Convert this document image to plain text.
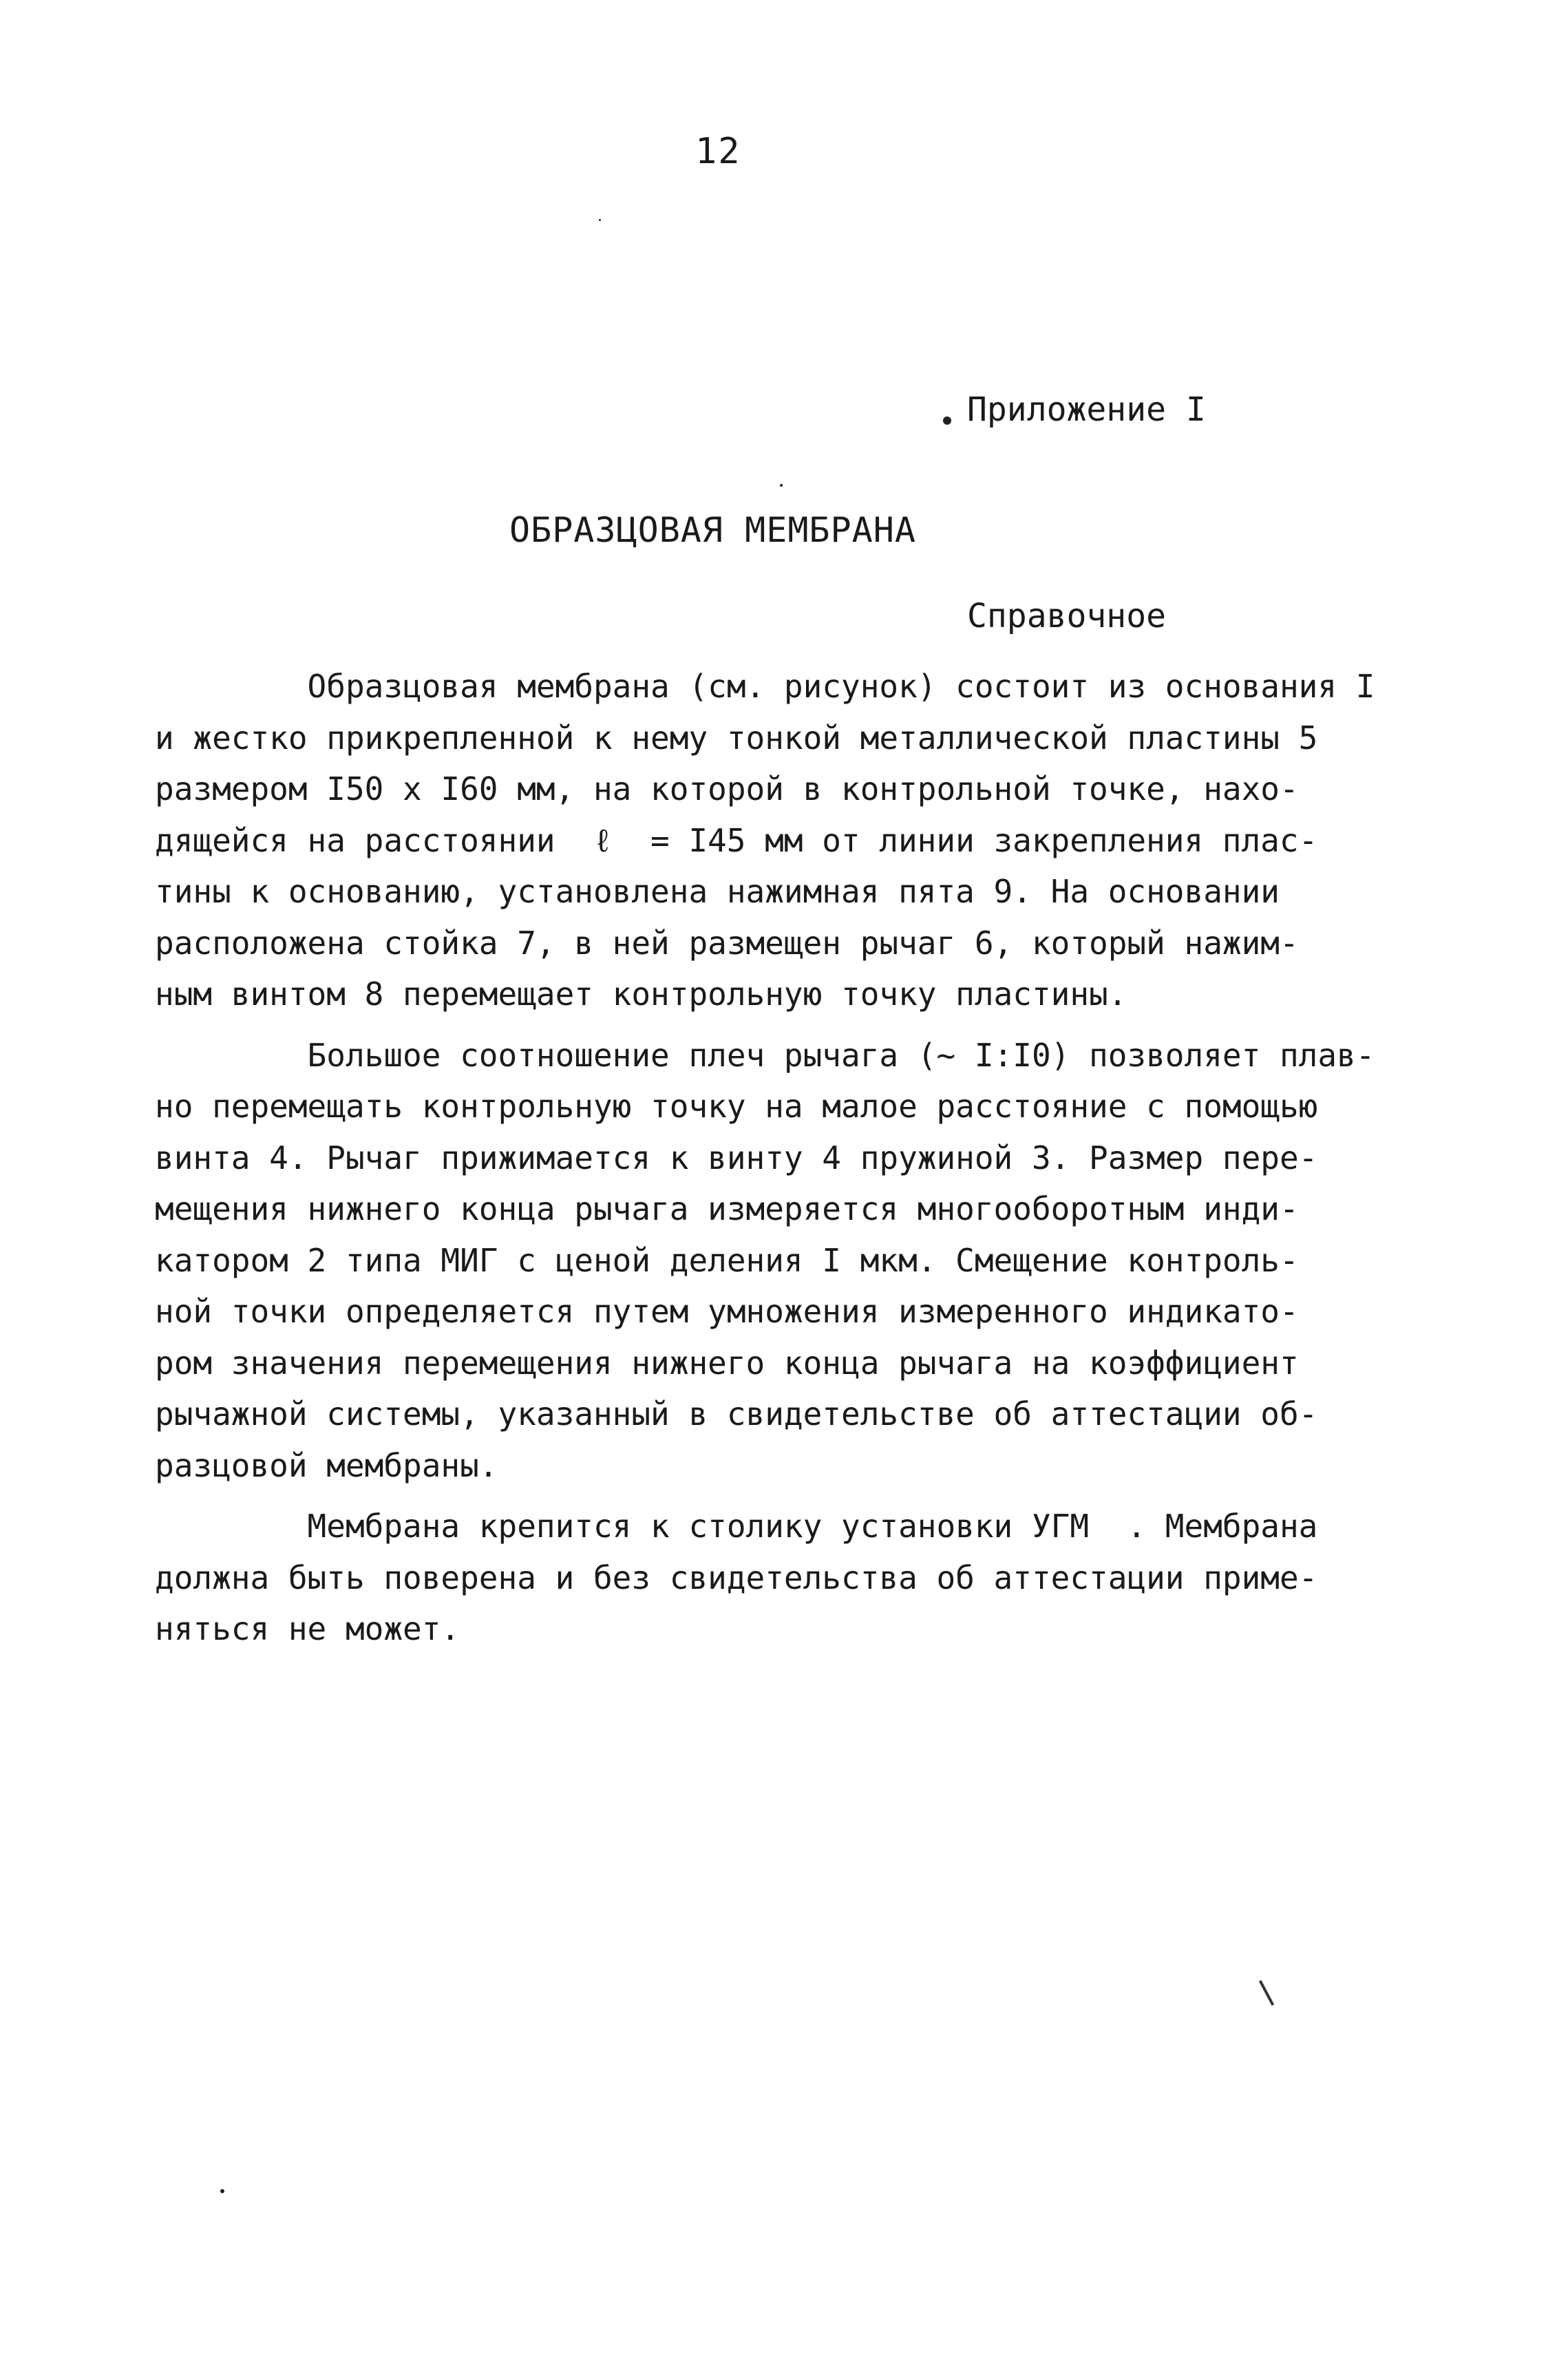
12

Приложение I

Справочное

ОБРАЗЦОВАЯ МЕМБРАНА
Образцовая мембрана (см. рисунок) состоит из основания I
и жестко прикрепленной к нему тонкой металлической пластины 5
размером I50 х I60 мм, на которой в контрольной точке, нахо-
дящейся на расстоянии  ℓ  = I45 мм от линии закрепления плас-
тины к основанию, установлена нажимная пята 9. На основании
расположена стойка 7, в ней размещен рычаг 6, который нажим-
ным винтом 8 перемещает контрольную точку пластины.
Большое соотношение плеч рычага (~ I:I0) позволяет плав-
но перемещать контрольную точку на малое расстояние с помощью
винта 4. Рычаг прижимается к винту 4 пружиной 3. Размер пере-
мещения нижнего конца рычага измеряется многооборотным инди-
катором 2 типа МИГ с ценой деления I мкм. Смещение контроль-
ной точки определяется путем умножения измеренного индикато-
ром значения перемещения нижнего конца рычага на коэффициент
рычажной системы, указанный в свидетельстве об аттестации об-
разцовой мембраны.
Мембрана крепится к столику установки УГМ  . Мембрана
должна быть поверена и без свидетельства об аттестации приме-
няться не может.
